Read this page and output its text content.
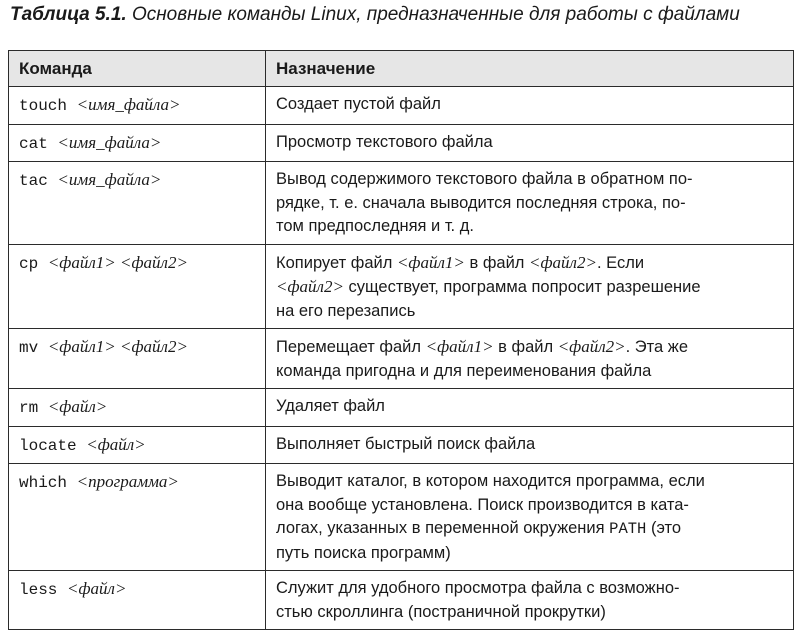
Таблица 5.1. Основные команды Linux, предназначенные для работы с файлами
Команда	Назначение
touch <имя_файла>	Создает пустой файл

cat <имя_файла>	Просмотр текстового файла

tac <имя_файла>	Вывод содержимого текстового файла в обратном по-
рядке, т. е. сначала выводится последняя строка, по-
том предпоследняя и т. д.

cp <файл1> <файл2>	Копирует файл <файл1> в файл <файл2>. Если
<файл2> существует, программа попросит разрешение
на его перезапись
mv <файл1> <файл2>	Перемещает файл <файл1> в файл <файл2>. Эта же
команда пригодна и для переименования файла
rm <файл>	Удаляет файл

locate <файл>	Выполняет быстрый поиск файла

which <программа>	Выводит каталог, в котором находится программа, если
она вообще установлена. Поиск производится в ката-
логах, указанных в переменной окружения PATH (это
путь поиска программ)
less <файл>	Служит для удобного просмотра файла с возможно-
стью скроллинга (постраничной прокрутки)
